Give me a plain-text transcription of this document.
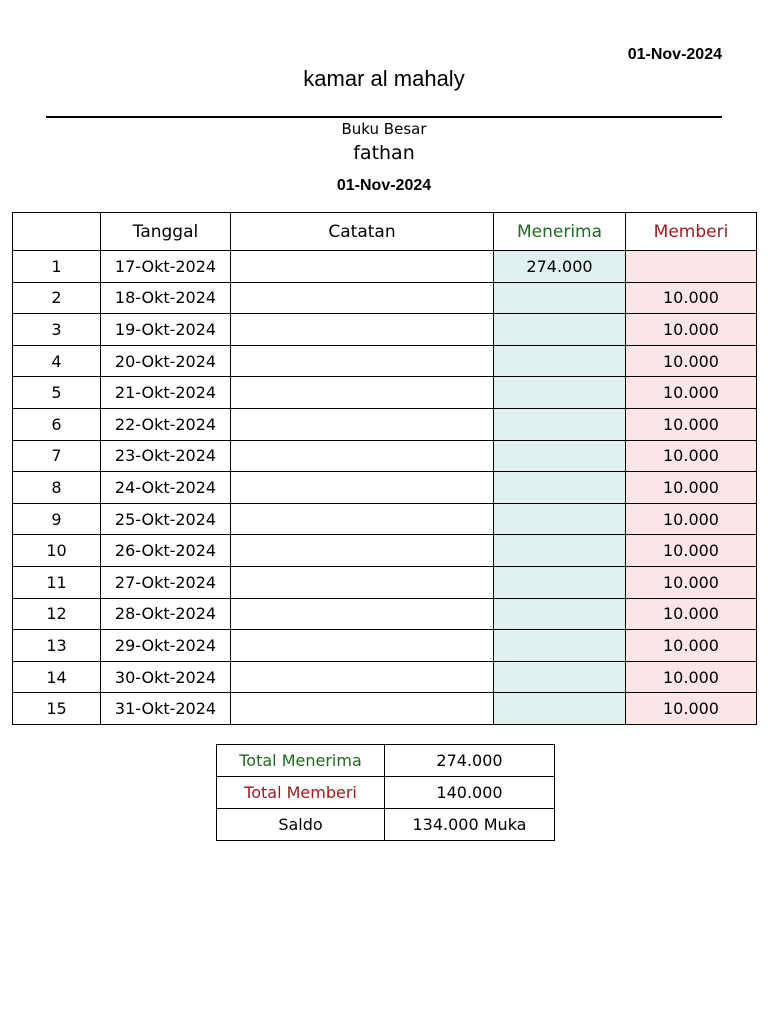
01-Nov-2024
kamar al mahaly
Buku Besar
fathan
01-Nov-2024
	Tanggal	Catatan	Menerima	Memberi
1	17-Okt-2024		274.000	
2	18-Okt-2024			10.000
3	19-Okt-2024			10.000
4	20-Okt-2024			10.000
5	21-Okt-2024			10.000
6	22-Okt-2024			10.000
7	23-Okt-2024			10.000
8	24-Okt-2024			10.000
9	25-Okt-2024			10.000
10	26-Okt-2024			10.000
11	27-Okt-2024			10.000
12	28-Okt-2024			10.000
13	29-Okt-2024			10.000
14	30-Okt-2024			10.000
15	31-Okt-2024			10.000
Total Menerima	274.000
Total Memberi	140.000
Saldo	134.000 Muka
